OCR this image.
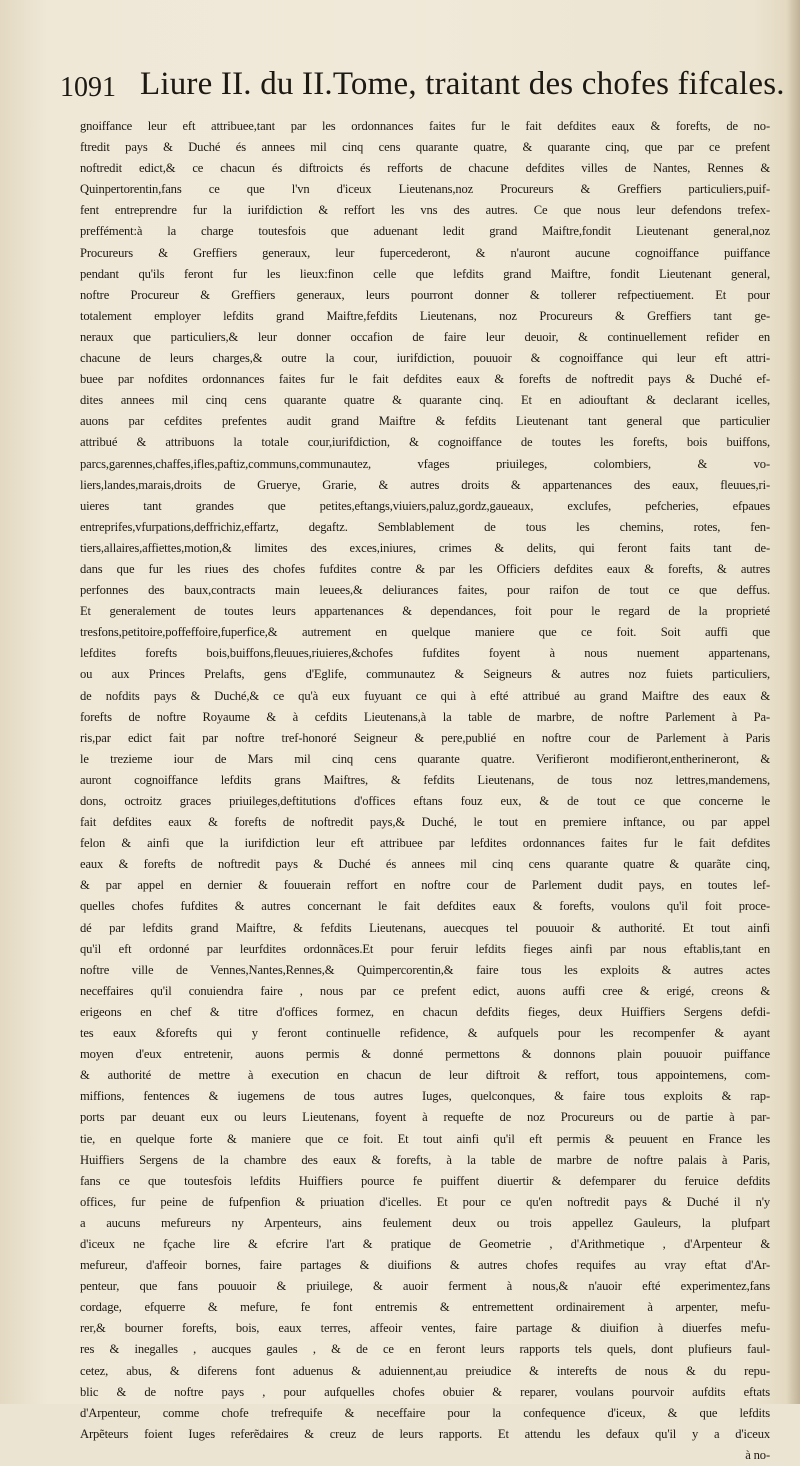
1091 Liure II. du II.Tome, traitant des chofes fifcales.
gnoiffance leur eft attribuee,tant par les ordonnances faites fur le fait defdites eaux & forefts, de no-
ftredit pays & Duché és annees mil cinq cens quarante quatre, & quarante cinq, que par ce prefent
noftredit edict,& ce chacun és diftroicts és refforts de chacune defdites villes de Nantes, Rennes &
Quinpertorentin,fans ce que l'vn d'iceux Lieutenans,noz Procureurs & Greffiers particuliers,puif-
fent entreprendre fur la iurifdiction & reffort les vns des autres. Ce que nous leur defendons trefex-
preffément:à la charge toutesfois que aduenant ledit grand Maiftre,fondit Lieutenant general,noz
Procureurs & Greffiers generaux, leur fupercederont, & n'auront aucune cognoiffance puiffance
pendant qu'ils feront fur les lieux:finon celle que lefdits grand Maiftre, fondit Lieutenant general,
noftre Procureur & Greffiers generaux, leurs pourront donner & tollerer refpectiuement. Et pour
totalement employer lefdits grand Maiftre,fefdits Lieutenans, noz Procureurs & Greffiers tant ge-
neraux que particuliers,& leur donner occafion de faire leur deuoir, & continuellement refider en
chacune de leurs charges,& outre la cour, iurifdiction, pouuoir & cognoiffance qui leur eft attri-
buee par nofdites ordonnances faites fur le fait defdites eaux & forefts de noftredit pays & Duché ef-
dites annees mil cinq cens quarante quatre & quarante cinq. Et en adiouftant & declarant icelles,
auons par cefdites prefentes audit grand Maiftre & fefdits Lieutenant tant general que particulier
attribué & attribuons la totale cour,iurifdiction, & cognoiffance de toutes les forefts, bois buiffons,
parcs,garennes,chaffes,ifles,paftiz,communs,communautez, vfages priuileges, colombiers, & vo-
liers,landes,marais,droits de Gruerye, Grarie, & autres droits & appartenances des eaux, fleuues,ri-
uieres tant grandes que petites,eftangs,viuiers,paluz,gordz,gaueaux, exclufes, pefcheries, efpaues
entreprifes,vfurpations,deffrichiz,effartz, degaftz. Semblablement de tous les chemins, rotes, fen-
tiers,allaires,affiettes,motion,& limites des exces,iniures, crimes & delits, qui feront faits tant de-
dans que fur les riues des chofes fufdites contre & par les Officiers defdites eaux & forefts, & autres
perfonnes des baux,contracts main leuees,& deliurances faites, pour raifon de tout ce que deffus.
Et generalement de toutes leurs appartenances & dependances, foit pour le regard de la proprieté
tresfons,petitoire,poffeffoire,fuperfice,& autrement en quelque maniere que ce foit. Soit auffi que
lefdites forefts bois,buiffons,fleuues,riuieres,&chofes fufdites foyent à nous nuement appartenans,
ou aux Princes Prelafts, gens d'Eglife, communautez & Seigneurs & autres noz fuiets particuliers,
de nofdits pays & Duché,& ce qu'à eux fuyuant ce qui à efté attribué au grand Maiftre des eaux &
forefts de noftre Royaume & à cefdits Lieutenans,à la table de marbre, de noftre Parlement à Pa-
ris,par edict fait par noftre tref-honoré Seigneur & pere,publié en noftre cour de Parlement à Paris
le trezieme iour de Mars mil cinq cens quarante quatre. Verifieront modifieront,entherineront, &
auront cognoiffance lefdits grans Maiftres, & fefdits Lieutenans, de tous noz lettres,mandemens,
dons, octroitz graces priuileges,deftitutions d'offices eftans fouz eux, & de tout ce que concerne le
fait defdites eaux & forefts de noftredit pays,& Duché, le tout en premiere inftance, ou par appel
felon & ainfi que la iurifdiction leur eft attribuee par lefdites ordonnances faites fur le fait defdites
eaux & forefts de noftredit pays & Duché és annees mil cinq cens quarante quatre & quarãte cinq,
& par appel en dernier & fouuerain reffort en noftre cour de Parlement dudit pays, en toutes lef-
quelles chofes fufdites & autres concernant le fait defdites eaux & forefts, voulons qu'il foit proce-
dé par lefdits grand Maiftre, & fefdits Lieutenans, auecques tel pouuoir & authorité. Et tout ainfi
qu'il eft ordonné par leurfdites ordonnãces.Et pour feruir lefdits fieges ainfi par nous eftablis,tant en
noftre ville de Vennes,Nantes,Rennes,& Quimpercorentin,& faire tous les exploits & autres actes
neceffaires qu'il conuiendra faire , nous par ce prefent edict, auons auffi cree & erigé, creons &
erigeons en chef & titre d'offices formez, en chacun defdits fieges, deux Huiffiers Sergens defdi-
tes eaux &forefts qui y feront continuelle refidence, & aufquels pour les recompenfer & ayant
moyen d'eux entretenir, auons permis & donné permettons & donnons plain pouuoir puiffance
& authorité de mettre à execution en chacun de leur diftroit & reffort, tous appointemens, com-
miffions, fentences & iugemens de tous autres Iuges, quelconques, & faire tous exploits & rap-
ports par deuant eux ou leurs Lieutenans, foyent à requefte de noz Procureurs ou de partie à par-
tie, en quelque forte & maniere que ce foit. Et tout ainfi qu'il eft permis & peuuent en France les
Huiffiers Sergens de la chambre des eaux & forefts, à la table de marbre de noftre palais à Paris,
fans ce que toutesfois lefdits Huiffiers pource fe puiffent diuertir & defemparer du feruice defdits
offices, fur peine de fufpenfion & priuation d'icelles. Et pour ce qu'en noftredit pays & Duché il n'y
a aucuns mefureurs ny Arpenteurs, ains feulement deux ou trois appellez Gauleurs, la plufpart
d'iceux ne fçache lire & efcrire l'art & pratique de Geometrie , d'Arithmetique , d'Arpenteur &
mefureur, d'affeoir bornes, faire partages & diuifions & autres chofes requifes au vray eftat d'Ar-
penteur, que fans pouuoir & priuilege, & auoir ferment à nous,& n'auoir efté experimentez,fans
cordage, efquerre & mefure, fe font entremis & entremettent ordinairement à arpenter, mefu-
rer,& bourner forefts, bois, eaux terres, affeoir ventes, faire partage & diuifion à diuerfes mefu-
res & inegalles , aucques gaules , & de ce en feront leurs rapports tels quels, dont plufieurs faul-
cetez, abus, & diferens font aduenus & aduiennent,au preiudice & interefts de nous & du repu-
blic & de noftre pays , pour aufquelles chofes obuier & reparer, voulans pourvoir aufdits eftats
d'Arpenteur, comme chofe trefrequife & neceffaire pour la confequence d'iceux, & que lefdits
Arpẽteurs foient Iuges referẽdaires & creuz de leurs rapports. Et attendu les defaux qu'il y a d'iceux
à no-
